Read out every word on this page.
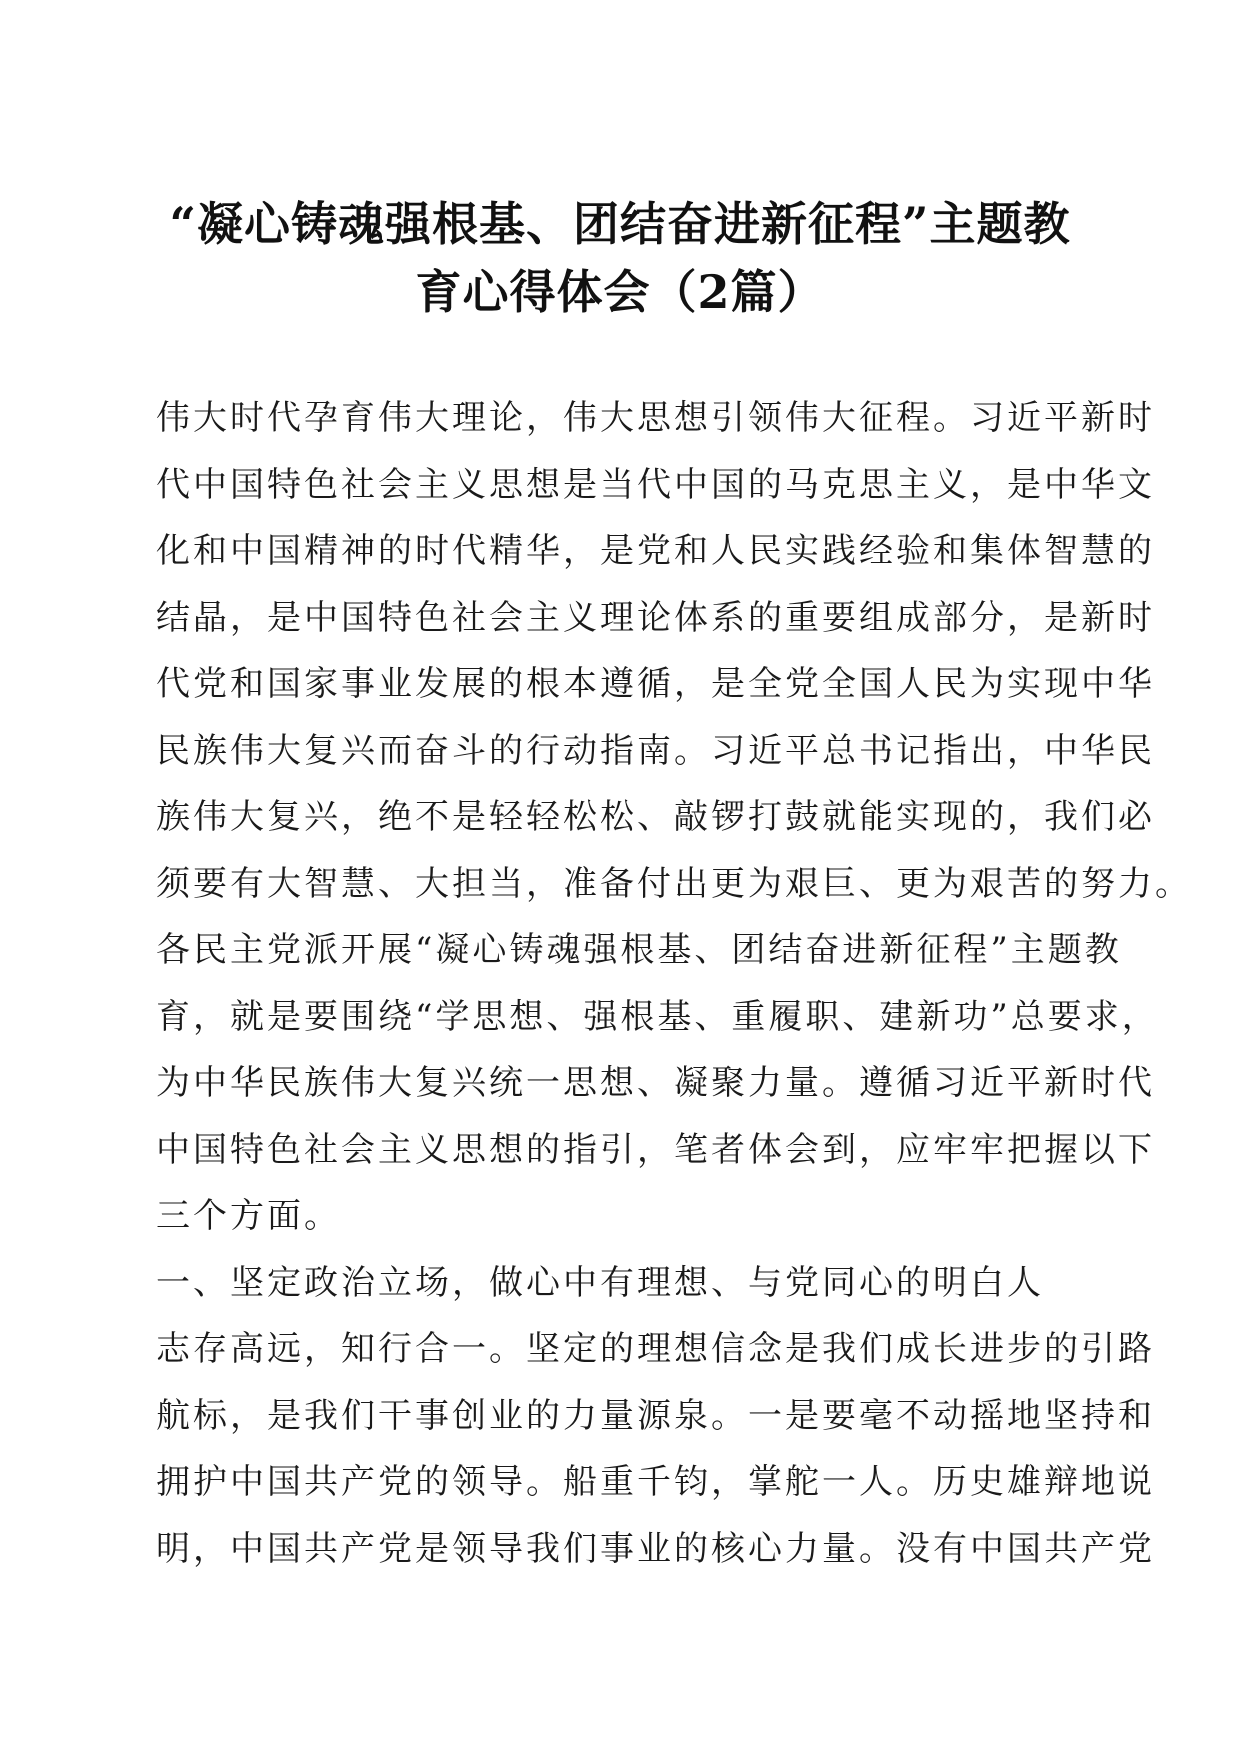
“凝心铸魂强根基、团结奋进新征程”主题教
育心得体会（2篇）
伟大时代孕育伟大理论，伟大思想引领伟大征程。习近平新时
代中国特色社会主义思想是当代中国的马克思主义，是中华文
化和中国精神的时代精华，是党和人民实践经验和集体智慧的
结晶，是中国特色社会主义理论体系的重要组成部分，是新时
代党和国家事业发展的根本遵循，是全党全国人民为实现中华
民族伟大复兴而奋斗的行动指南。习近平总书记指出，中华民
族伟大复兴，绝不是轻轻松松、敲锣打鼓就能实现的，我们必
须要有大智慧、大担当，准备付出更为艰巨、更为艰苦的努力。
各民主党派开展“凝心铸魂强根基、团结奋进新征程”主题教
育，就是要围绕“学思想、强根基、重履职、建新功”总要求，
为中华民族伟大复兴统一思想、凝聚力量。遵循习近平新时代
中国特色社会主义思想的指引，笔者体会到，应牢牢把握以下
三个方面。
一、坚定政治立场，做心中有理想、与党同心的明白人
志存高远，知行合一。坚定的理想信念是我们成长进步的引路
航标，是我们干事创业的力量源泉。一是要毫不动摇地坚持和
拥护中国共产党的领导。船重千钧，掌舵一人。历史雄辩地说
明，中国共产党是领导我们事业的核心力量。没有中国共产党
